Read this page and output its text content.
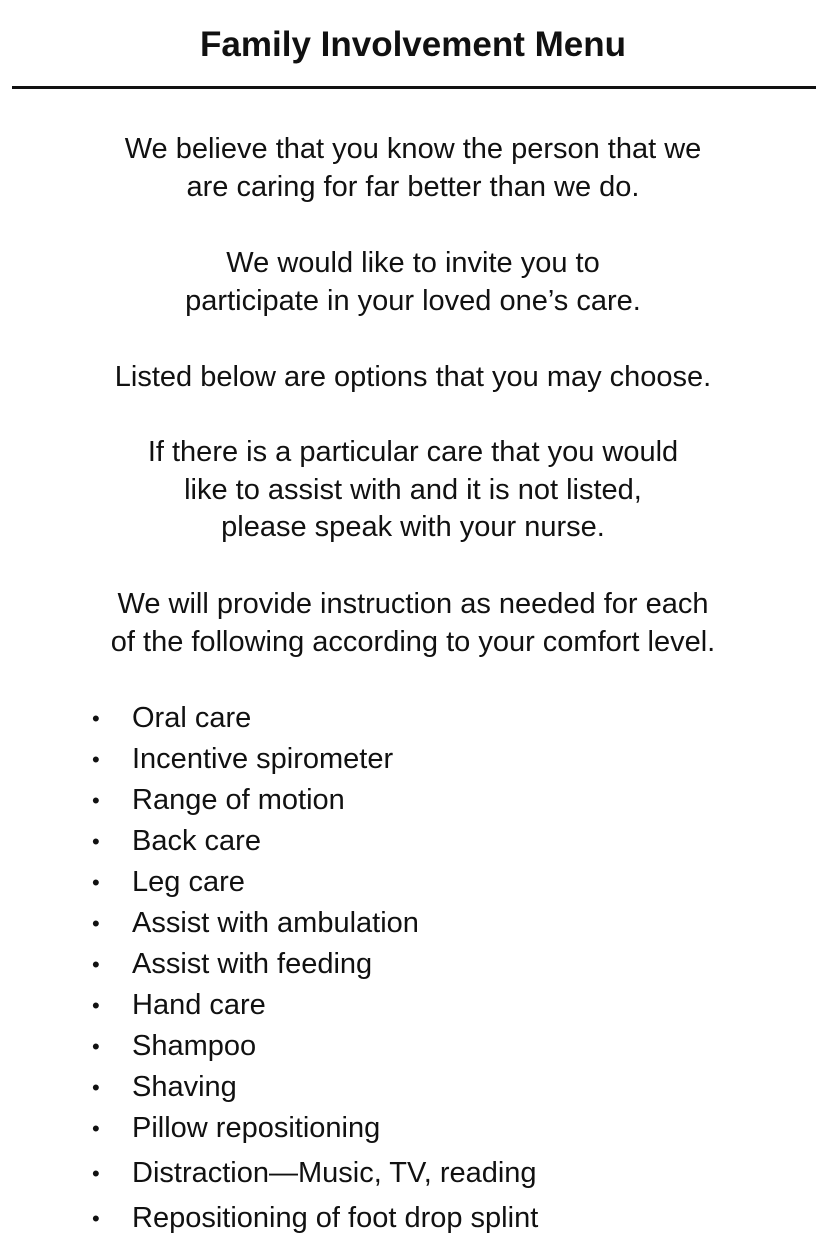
Family Involvement Menu
We believe that you know the person that we
are caring for far better than we do.
We would like to invite you to
participate in your loved one’s care.
Listed below are options that you may choose.
If there is a particular care that you would
like to assist with and it is not listed,
please speak with your nurse.
We will provide instruction as needed for each
of the following according to your comfort level.
• Oral care
• Incentive spirometer
• Range of motion
• Back care
• Leg care
• Assist with ambulation
• Assist with feeding
• Hand care
• Shampoo
• Shaving
• Pillow repositioning
• Distraction—Music, TV, reading
• Repositioning of foot drop splint
